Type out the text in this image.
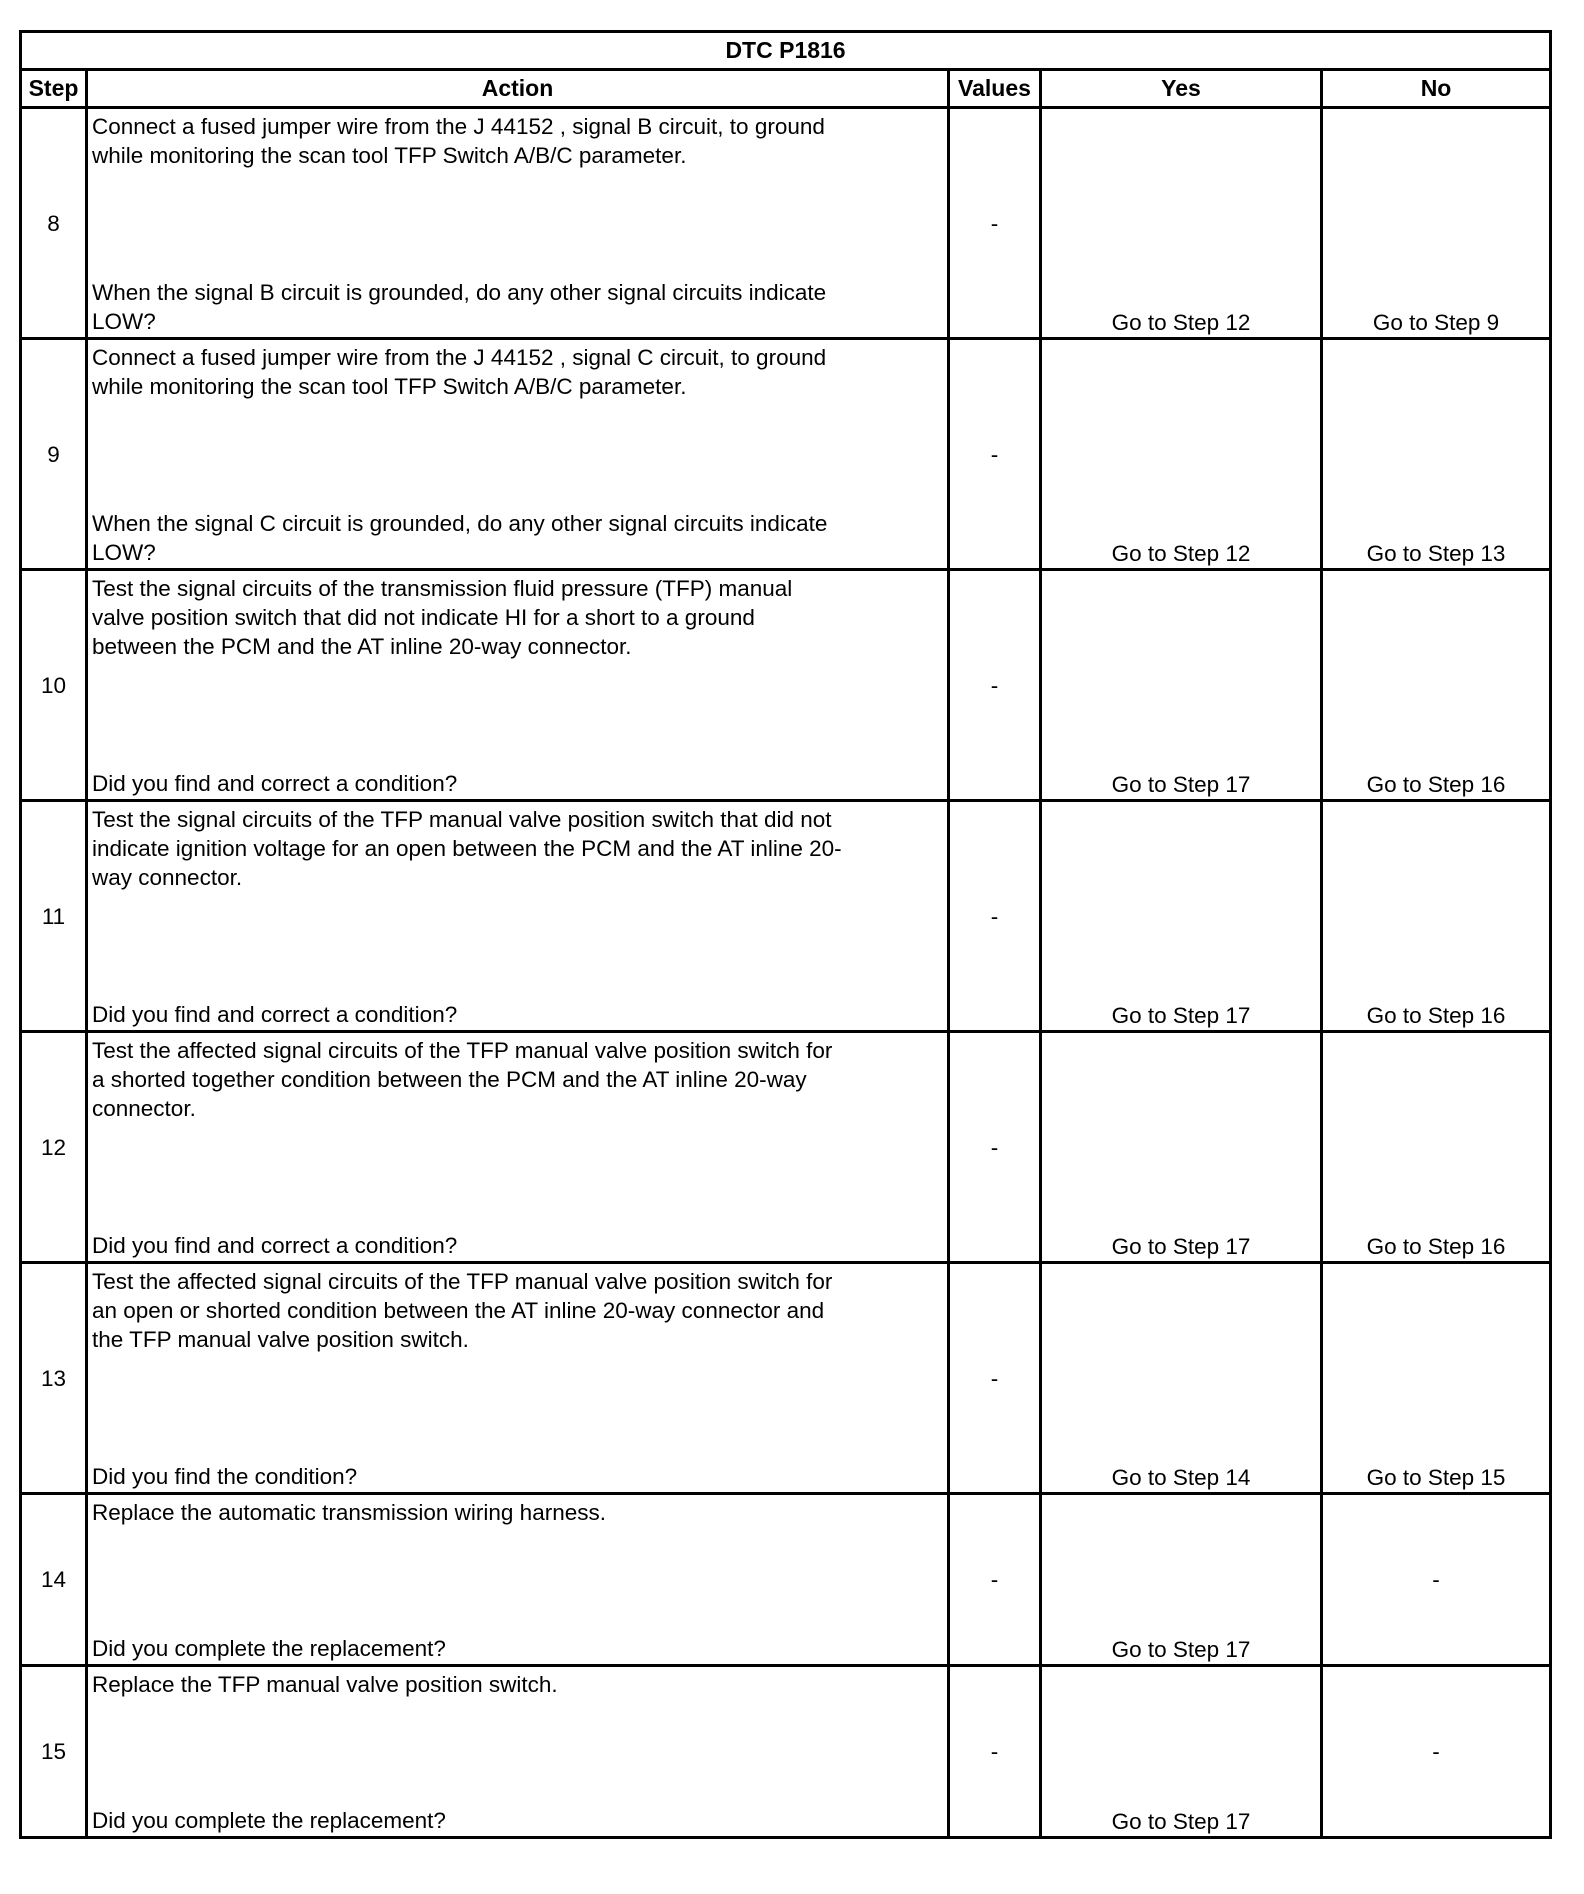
DTC P1816				
Step	Action	Values	Yes	No
8	Connect a fused jumper wire from the J 44152 , signal B circuit, to ground
while monitoring the scan tool TFP Switch A/B/C parameter.
When the signal B circuit is grounded, do any other signal circuits indicate
LOW?	-	Go to Step 12	Go to Step 9
9	Connect a fused jumper wire from the J 44152 , signal C circuit, to ground
while monitoring the scan tool TFP Switch A/B/C parameter.
When the signal C circuit is grounded, do any other signal circuits indicate
LOW?	-	Go to Step 12	Go to Step 13
10	Test the signal circuits of the transmission fluid pressure (TFP) manual
valve position switch that did not indicate HI for a short to a ground
between the PCM and the AT inline 20-way connector.
Did you find and correct a condition?	-	Go to Step 17	Go to Step 16
11	Test the signal circuits of the TFP manual valve position switch that did not
indicate ignition voltage for an open between the PCM and the AT inline 20-
way connector.
Did you find and correct a condition?	-	Go to Step 17	Go to Step 16
12	Test the affected signal circuits of the TFP manual valve position switch for
a shorted together condition between the PCM and the AT inline 20-way
connector.
Did you find and correct a condition?	-	Go to Step 17	Go to Step 16
13	Test the affected signal circuits of the TFP manual valve position switch for
an open or shorted condition between the AT inline 20-way connector and
the TFP manual valve position switch.
Did you find the condition?	-	Go to Step 14	Go to Step 15
14	Replace the automatic transmission wiring harness.
Did you complete the replacement?	-	Go to Step 17	-
15	Replace the TFP manual valve position switch.
Did you complete the replacement?	-	Go to Step 17	-
